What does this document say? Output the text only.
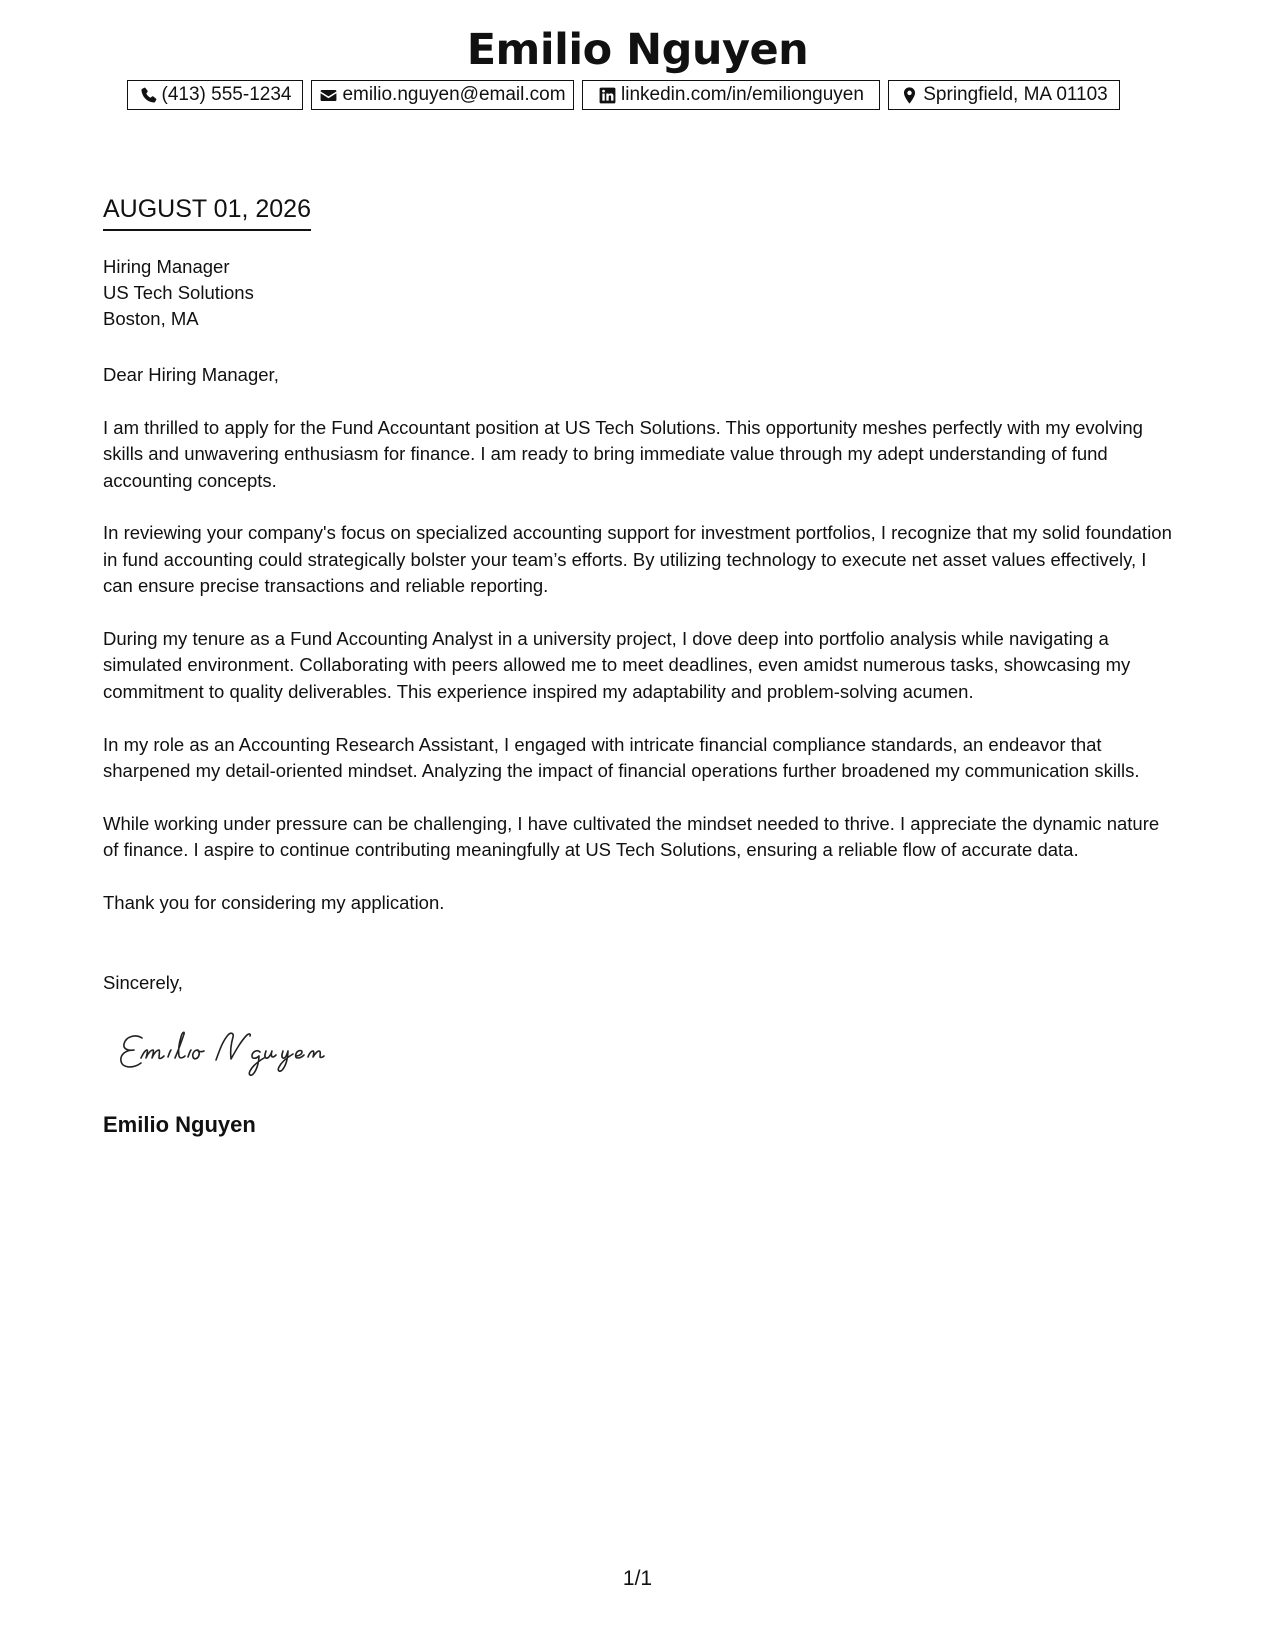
Emilio Nguyen
(413) 555-1234	emilio.nguyen@email.com	linkedin.com/in/emilionguyen	Springfield, MA 01103
AUGUST 01, 2026
Hiring Manager
US Tech Solutions
Boston, MA

Dear Hiring Manager,

I am thrilled to apply for the Fund Accountant position at US Tech Solutions. This opportunity meshes perfectly with my evolving skills and unwavering enthusiasm for finance. I am ready to bring immediate value through my adept understanding of fund accounting concepts.

In reviewing your company's focus on specialized accounting support for investment portfolios, I recognize that my solid foundation in fund accounting could strategically bolster your team’s efforts. By utilizing technology to execute net asset values effectively, I can ensure precise transactions and reliable reporting.

During my tenure as a Fund Accounting Analyst in a university project, I dove deep into portfolio analysis while navigating a simulated environment. Collaborating with peers allowed me to meet deadlines, even amidst numerous tasks, showcasing my commitment to quality deliverables. This experience inspired my adaptability and problem-solving acumen.

In my role as an Accounting Research Assistant, I engaged with intricate financial compliance standards, an endeavor that sharpened my detail-oriented mindset. Analyzing the impact of financial operations further broadened my communication skills.

While working under pressure can be challenging, I have cultivated the mindset needed to thrive. I appreciate the dynamic nature of finance. I aspire to continue contributing meaningfully at US Tech Solutions, ensuring a reliable flow of accurate data.

Thank you for considering my application.

Sincerely,
Emilio Nguyen
1/1
